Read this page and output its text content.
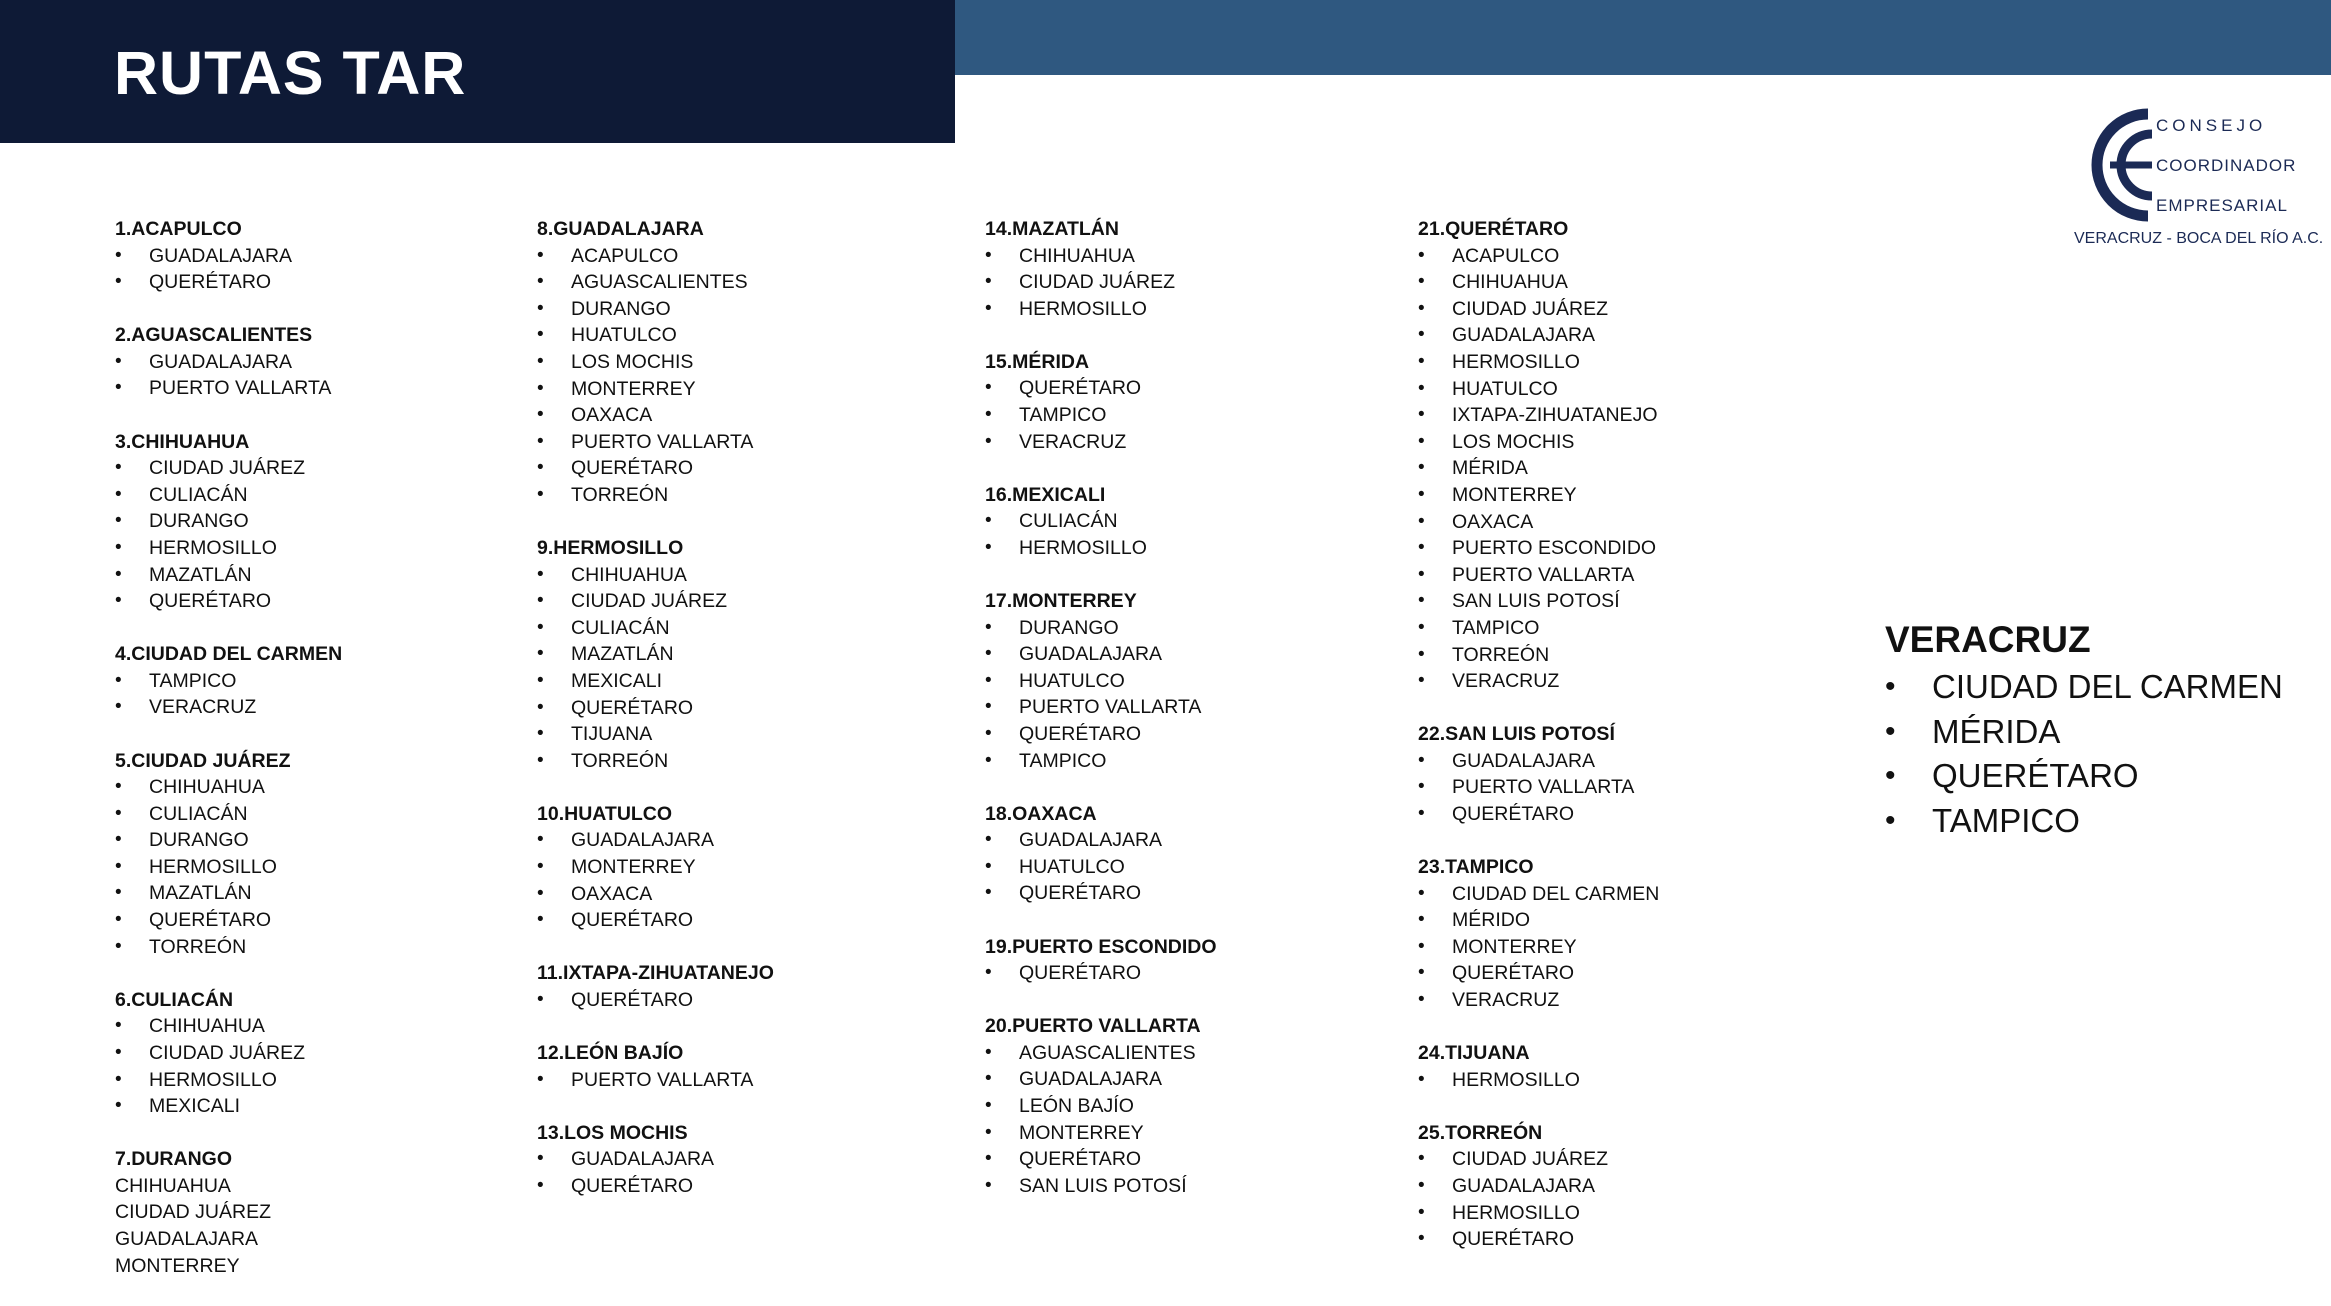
RUTAS TAR
CONSEJO
COORDINADOR
EMPRESARIAL
VERACRUZ - BOCA DEL RÍO A.C.
1.ACAPULCO
• GUADALAJARA
• QUERÉTARO
2.AGUASCALIENTES
• GUADALAJARA
• PUERTO VALLARTA
3.CHIHUAHUA
• CIUDAD JUÁREZ
• CULIACÁN
• DURANGO
• HERMOSILLO
• MAZATLÁN
• QUERÉTARO
4.CIUDAD DEL CARMEN
• TAMPICO
• VERACRUZ
5.CIUDAD JUÁREZ
• CHIHUAHUA
• CULIACÁN
• DURANGO
• HERMOSILLO
• MAZATLÁN
• QUERÉTARO
• TORREÓN
6.CULIACÁN
• CHIHUAHUA
• CIUDAD JUÁREZ
• HERMOSILLO
• MEXICALI
7.DURANGO
CHIHUAHUA
CIUDAD JUÁREZ
GUADALAJARA
MONTERREY
8.GUADALAJARA
• ACAPULCO
• AGUASCALIENTES
• DURANGO
• HUATULCO
• LOS MOCHIS
• MONTERREY
• OAXACA
• PUERTO VALLARTA
• QUERÉTARO
• TORREÓN
9.HERMOSILLO
• CHIHUAHUA
• CIUDAD JUÁREZ
• CULIACÁN
• MAZATLÁN
• MEXICALI
• QUERÉTARO
• TIJUANA
• TORREÓN
10.HUATULCO
• GUADALAJARA
• MONTERREY
• OAXACA
• QUERÉTARO
11.IXTAPA-ZIHUATANEJO
• QUERÉTARO
12.LEÓN BAJÍO
• PUERTO VALLARTA
13.LOS MOCHIS
• GUADALAJARA
• QUERÉTARO
14.MAZATLÁN
• CHIHUAHUA
• CIUDAD JUÁREZ
• HERMOSILLO
15.MÉRIDA
• QUERÉTARO
• TAMPICO
• VERACRUZ
16.MEXICALI
• CULIACÁN
• HERMOSILLO
17.MONTERREY
• DURANGO
• GUADALAJARA
• HUATULCO
• PUERTO VALLARTA
• QUERÉTARO
• TAMPICO
18.OAXACA
• GUADALAJARA
• HUATULCO
• QUERÉTARO
19.PUERTO ESCONDIDO
• QUERÉTARO
20.PUERTO VALLARTA
• AGUASCALIENTES
• GUADALAJARA
• LEÓN BAJÍO
• MONTERREY
• QUERÉTARO
• SAN LUIS POTOSÍ
21.QUERÉTARO
• ACAPULCO
• CHIHUAHUA
• CIUDAD JUÁREZ
• GUADALAJARA
• HERMOSILLO
• HUATULCO
• IXTAPA-ZIHUATANEJO
• LOS MOCHIS
• MÉRIDA
• MONTERREY
• OAXACA
• PUERTO ESCONDIDO
• PUERTO VALLARTA
• SAN LUIS POTOSÍ
• TAMPICO
• TORREÓN
• VERACRUZ
22.SAN LUIS POTOSÍ
• GUADALAJARA
• PUERTO VALLARTA
• QUERÉTARO
23.TAMPICO
• CIUDAD DEL CARMEN
• MÉRIDO
• MONTERREY
• QUERÉTARO
• VERACRUZ
24.TIJUANA
• HERMOSILLO
25.TORREÓN
• CIUDAD JUÁREZ
• GUADALAJARA
• HERMOSILLO
• QUERÉTARO
VERACRUZ
• CIUDAD DEL CARMEN
• MÉRIDA
• QUERÉTARO
• TAMPICO
